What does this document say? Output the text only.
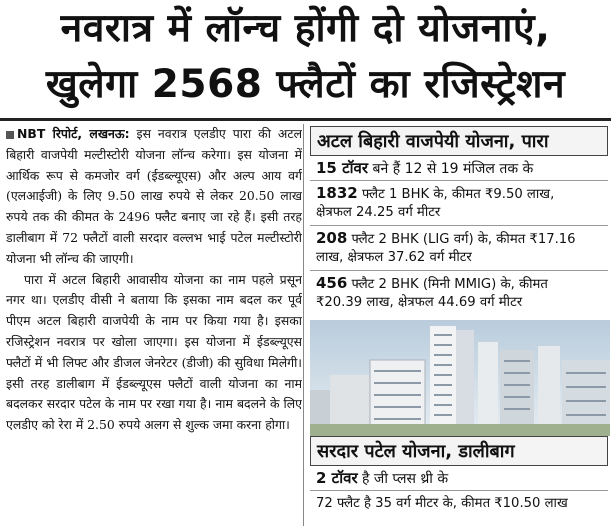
नवरात्र में लॉन्च होंगी दो योजनाएं,
खुलेगा 2568 फ्लैटों का रजिस्ट्रेशन

NBT रिपोर्ट, लखनऊ: इस नवरात्र एलडीए पारा की अटल बिहारी वाजपेयी मल्टीस्टोरी योजना लॉन्च करेगा। इस योजना में आर्थिक रूप से कमजोर वर्ग (ईडब्ल्यूएस) और अल्प आय वर्ग (एलआईजी) के लिए 9.50 लाख रुपये से लेकर 20.50 लाख रुपये तक की कीमत के 2496 फ्लैट बनाए जा रहे हैं। इसी तरह डालीबाग में 72 फ्लैटों वाली सरदार वल्लभ भाई पटेल मल्टीस्टोरी योजना भी लॉन्च की जाएगी।

पारा में अटल बिहारी आवासीय योजना का नाम पहले प्रसून नगर था। एलडीए वीसी ने बताया कि इसका नाम बदल कर पूर्व पीएम अटल बिहारी वाजपेयी के नाम पर किया गया है। इसका रजिस्ट्रेशन नवरात्र पर खोला जाएगा। इस योजना में ईडब्ल्यूएस फ्लैटों में भी लिफ्ट और डीजल जेनरेटर (डीजी) की सुविधा मिलेगी। इसी तरह डालीबाग में ईडब्ल्यूएस फ्लैटों वाली योजना का नाम बदलकर सरदार पटेल के नाम पर रखा गया है। नाम बदलने के लिए एलडीए को रेरा में 2.50 रुपये अलग से शुल्क जमा करना होगा।

अटल बिहारी वाजपेयी योजना, पारा
15 टॉवर बने हैं 12 से 19 मंजिल तक के
1832 फ्लैट 1 BHK के, कीमत ₹9.50 लाख,
क्षेत्रफल 24.25 वर्ग मीटर
208 फ्लैट 2 BHK (LIG वर्ग) के, कीमत ₹17.16
लाख, क्षेत्रफल 37.62 वर्ग मीटर
456 फ्लैट 2 BHK (मिनी MMIG) के, कीमत
₹20.39 लाख, क्षेत्रफल 44.69 वर्ग मीटर
सरदार पटेल योजना, डालीबाग
2 टॉवर है जी प्लस थ्री के
72 फ्लैट है 35 वर्ग मीटर के, कीमत ₹10.50 लाख
